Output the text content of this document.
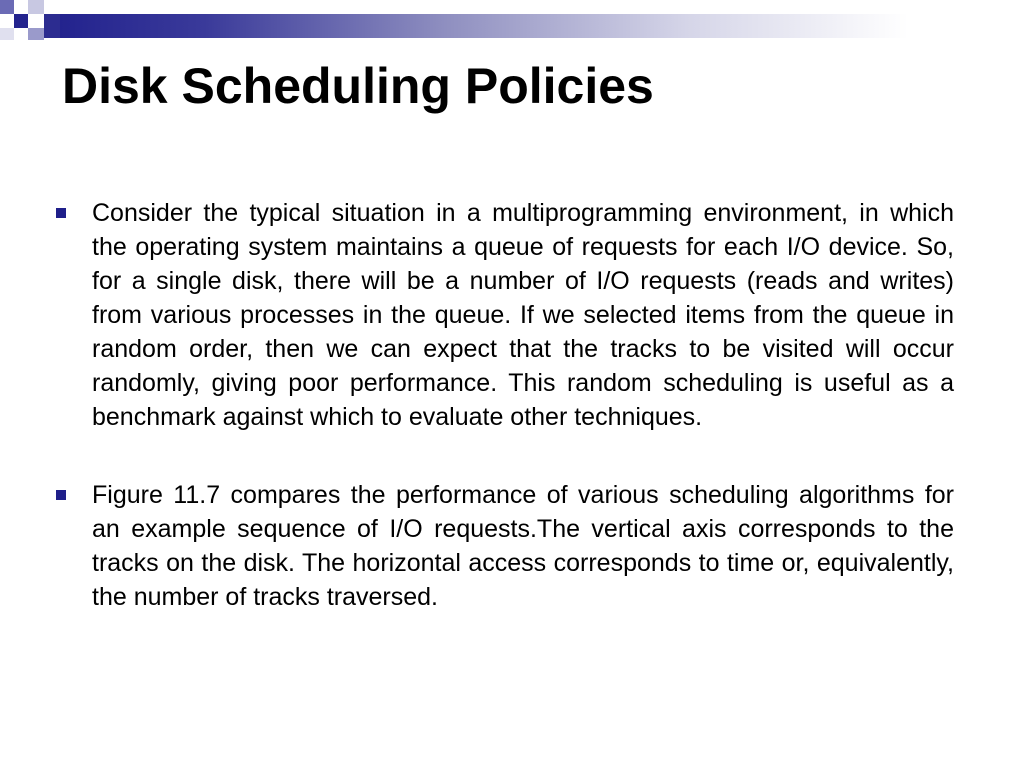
Disk Scheduling Policies

Consider the typical situation in a multiprogramming environment, in which the operating system maintains a queue of requests for each I/O device. So, for a single disk, there will be a number of I/O requests (reads and writes) from various processes in the queue. If we selected items from the queue in random order, then we can expect that the tracks to be visited will occur randomly, giving poor performance. This random scheduling is useful as a benchmark against which to evaluate other techniques.

Figure 11.7 compares the performance of various scheduling algorithms for an example sequence of I/O requests.The vertical axis corresponds to the tracks on the disk. The horizontal access corresponds to time or, equivalently, the number of tracks traversed.
